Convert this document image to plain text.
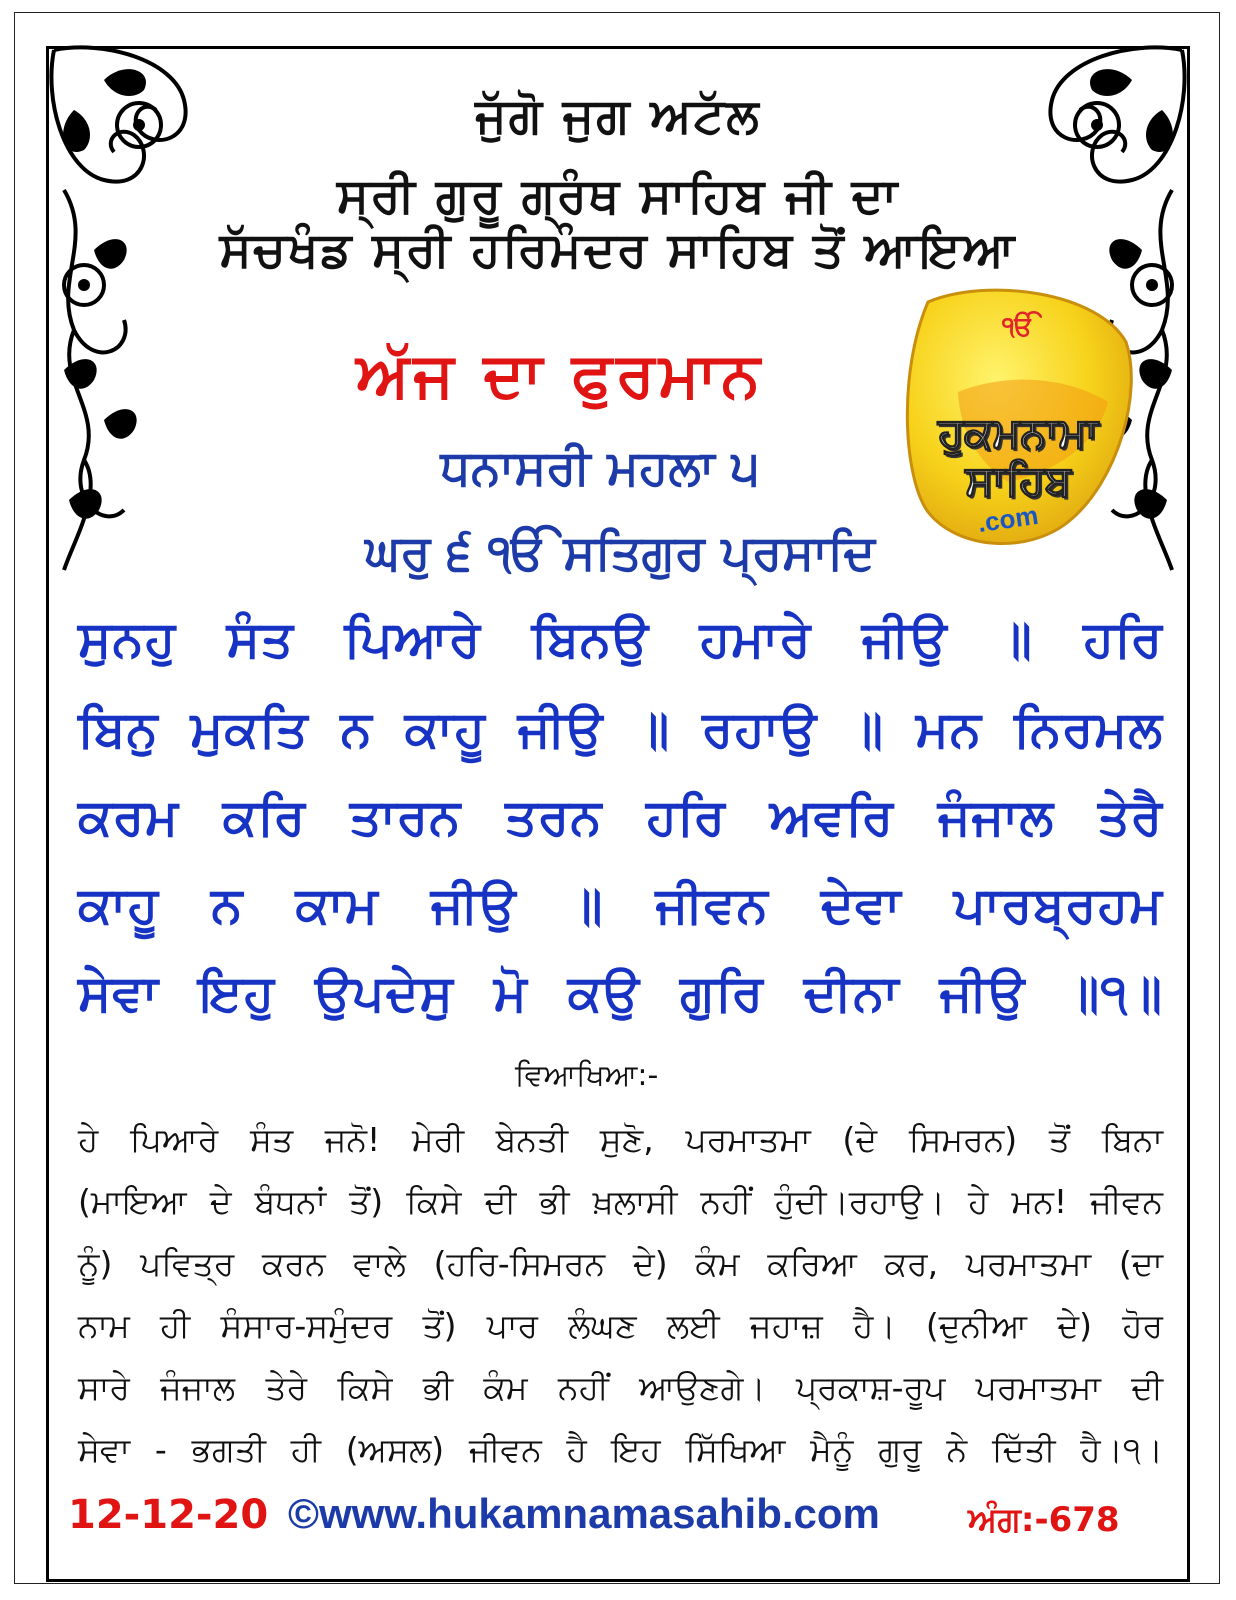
ਜੁੱਗੋ ਜੁਗ ਅਟੱਲ
ਸ੍ਰੀ ਗੁਰੂ ਗ੍ਰੰਥ ਸਾਹਿਬ ਜੀ ਦਾ
ਸੱਚਖੰਡ ਸ੍ਰੀ ਹਰਿਮੰਦਰ ਸਾਹਿਬ ਤੋਂ ਆਇਆ
ਅੱਜ ਦਾ ਫੁਰਮਾਨ
ਧਨਾਸਰੀ ਮਹਲਾ ੫
ਘਰੁ ੬ ੴ ਸਤਿਗੁਰ ਪ੍ਰਸਾਦਿ
ੴ
ਹੁਕਮਨਾਮਾ
ਸਾਹਿਬ
.com
ਸੁਨਹੁ ਸੰਤ ਪਿਆਰੇ ਬਿਨਉ ਹਮਾਰੇ ਜੀਉ ॥ ਹਰਿ
ਬਿਨੁ ਮੁਕਤਿ ਨ ਕਾਹੂ ਜੀਉ ॥ ਰਹਾਉ ॥ ਮਨ ਨਿਰਮਲ
ਕਰਮ ਕਰਿ ਤਾਰਨ ਤਰਨ ਹਰਿ ਅਵਰਿ ਜੰਜਾਲ ਤੇਰੈ
ਕਾਹੂ ਨ ਕਾਮ ਜੀਉ ॥ ਜੀਵਨ ਦੇਵਾ ਪਾਰਬ੍ਰਹਮ
ਸੇਵਾ ਇਹੁ ਉਪਦੇਸੁ ਮੋ ਕਉ ਗੁਰਿ ਦੀਨਾ ਜੀਉ ॥੧॥
ਵਿਆਖਿਆ:-
ਹੇ ਪਿਆਰੇ ਸੰਤ ਜਨੋ! ਮੇਰੀ ਬੇਨਤੀ ਸੁਣੋ, ਪਰਮਾਤਮਾ (ਦੇ ਸਿਮਰਨ) ਤੋਂ ਬਿਨਾ
(ਮਾਇਆ ਦੇ ਬੰਧਨਾਂ ਤੋਂ) ਕਿਸੇ ਦੀ ਭੀ ਖ਼ਲਾਸੀ ਨਹੀਂ ਹੁੰਦੀ।ਰਹਾਉ। ਹੇ ਮਨ! ਜੀਵਨ
ਨੂੰ) ਪਵਿਤ੍ਰ ਕਰਨ ਵਾਲੇ (ਹਰਿ-ਸਿਮਰਨ ਦੇ) ਕੰਮ ਕਰਿਆ ਕਰ, ਪਰਮਾਤਮਾ (ਦਾ
ਨਾਮ ਹੀ ਸੰਸਾਰ-ਸਮੁੰਦਰ ਤੋਂ) ਪਾਰ ਲੰਘਣ ਲਈ ਜਹਾਜ਼ ਹੈ। (ਦੁਨੀਆ ਦੇ) ਹੋਰ
ਸਾਰੇ ਜੰਜਾਲ ਤੇਰੇ ਕਿਸੇ ਭੀ ਕੰਮ ਨਹੀਂ ਆਉਣਗੇ। ਪ੍ਰਕਾਸ਼-ਰੂਪ ਪਰਮਾਤਮਾ ਦੀ
ਸੇਵਾ - ਭਗਤੀ ਹੀ (ਅਸਲ) ਜੀਵਨ ਹੈ ਇਹ ਸਿੱਖਿਆ ਮੈਨੂੰ ਗੁਰੂ ਨੇ ਦਿੱਤੀ ਹੈ।੧।
12-12-20 ©www.hukamnamasahib.com	ਅੰਗ:-678
